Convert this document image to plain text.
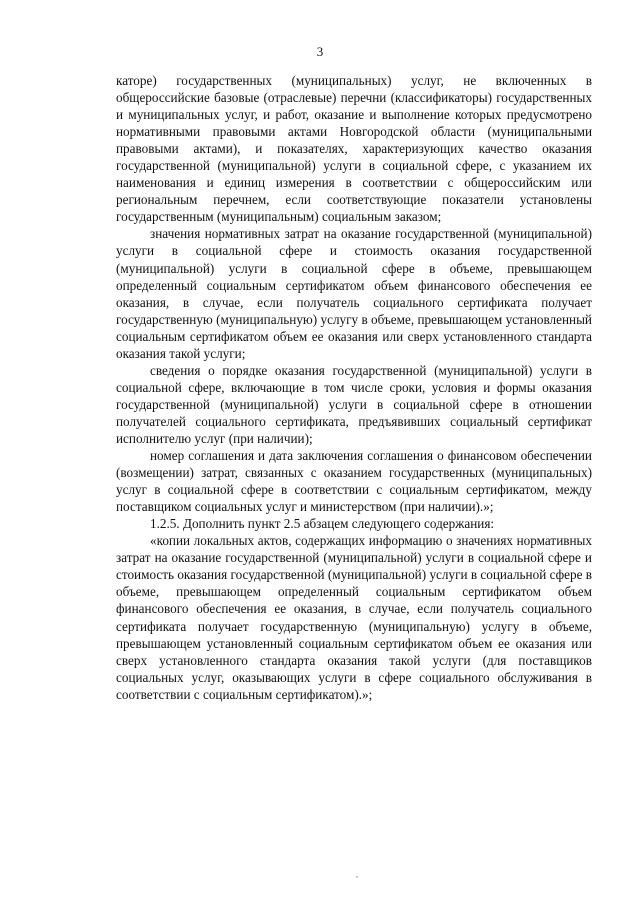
3

каторе) государственных (муниципальных) услуг, не включенных в общероссийские базовые (отраслевые) перечни (классификаторы) государственных и муниципальных услуг, и работ, оказание и выполнение которых предусмотрено нормативными правовыми актами Новгородской области (муниципальными правовыми актами), и показателях, характеризующих качество оказания государственной (муниципальной) услуги в социальной сфере, с указанием их наименования и единиц измерения в соответствии с общероссийским или региональным перечнем, если соответствующие показатели установлены государственным (муниципальным) социальным заказом;

значения нормативных затрат на оказание государственной (муниципальной) услуги в социальной сфере и стоимость оказания государственной (муниципальной) услуги в социальной сфере в объеме, превышающем определенный социальным сертификатом объем финансового обеспечения ее оказания, в случае, если получатель социального сертификата получает государственную (муниципальную) услугу в объеме, превышающем установленный социальным сертификатом объем ее оказания или сверх установленного стандарта оказания такой услуги;

сведения о порядке оказания государственной (муниципальной) услуги в социальной сфере, включающие в том числе сроки, условия и формы оказания государственной (муниципальной) услуги в социальной сфере в отношении получателей социального сертификата, предъявивших социальный сертификат исполнителю услуг (при наличии);

номер соглашения и дата заключения соглашения о финансовом обеспечении (возмещении) затрат, связанных с оказанием государственных (муниципальных) услуг в социальной сфере в соответствии с социальным сертификатом, между поставщиком социальных услуг и министерством (при наличии).»;

1.2.5. Дополнить пункт 2.5 абзацем следующего содержания:

«копии локальных актов, содержащих информацию о значениях нормативных затрат на оказание государственной (муниципальной) услуги в социальной сфере и стоимость оказания государственной (муниципальной) услуги в социальной сфере в объеме, превышающем определенный социальным сертификатом объем финансового обеспечения ее оказания, в случае, если получатель социального сертификата получает государственную (муниципальную) услугу в объеме, превышающем установленный социальным сертификатом объем ее оказания или сверх установленного стандарта оказания такой услуги (для поставщиков социальных услуг, оказывающих услуги в сфере социального обслуживания в соответствии с социальным сертификатом).»;
